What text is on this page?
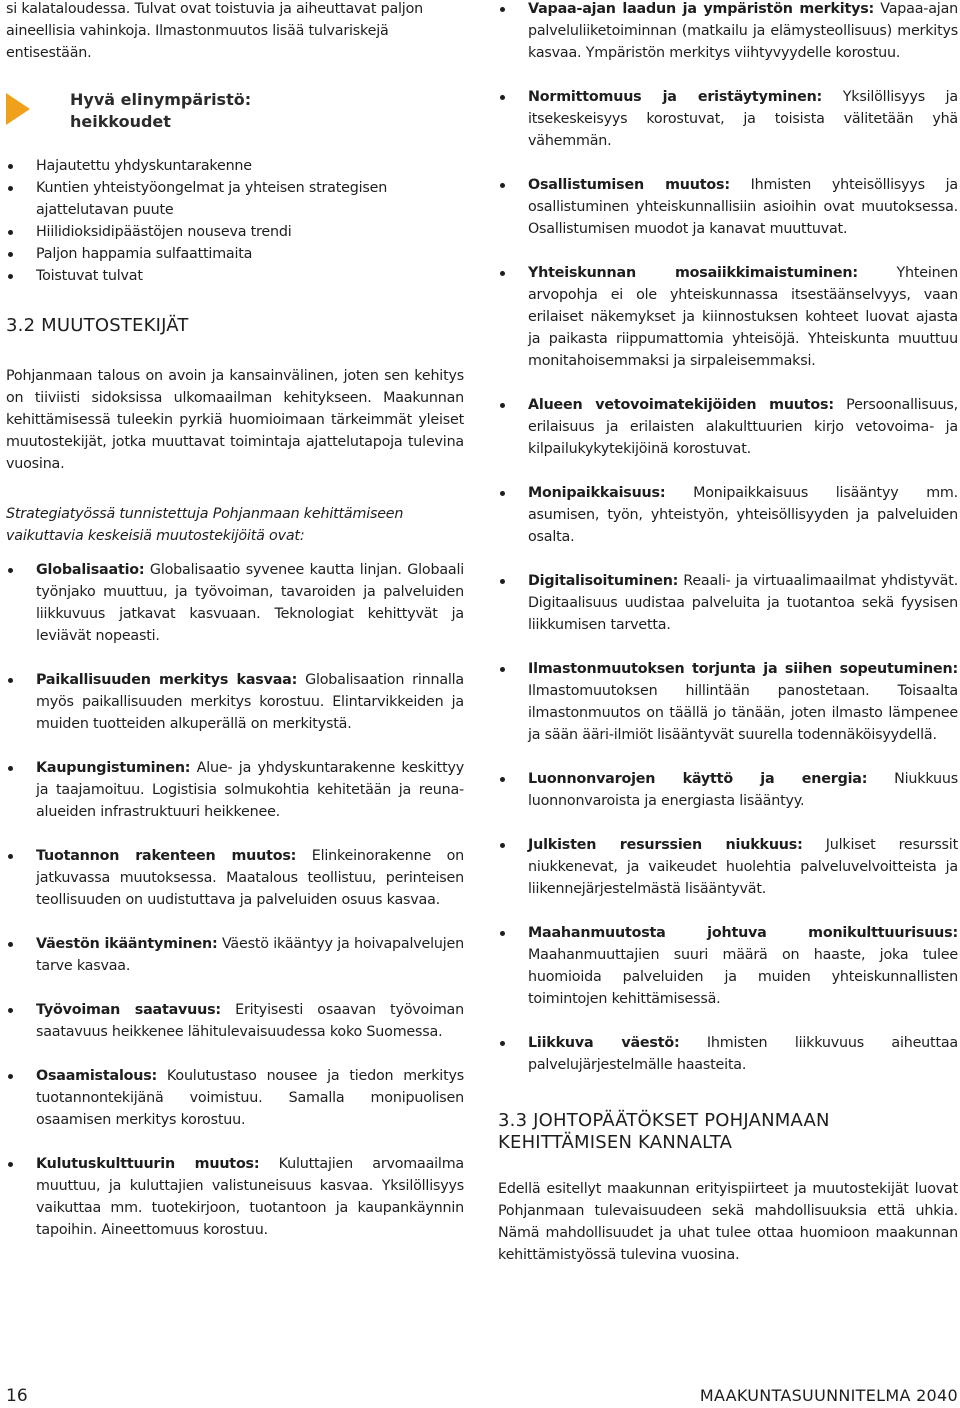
si kalataloudessa. Tulvat ovat toistuvia ja aiheuttavat paljon aineellisia vahinkoja. Ilmastonmuutos lisää tulvariskejä entisestään.

Hyvä elinympäristö:
heikkoudet
Hajautettu yhdyskuntarakenne
Kuntien yhteistyöongelmat ja yhteisen strategisen ajattelutavan puute
Hiilidioksidipäästöjen nouseva trendi
Paljon happamia sulfaattimaita
Toistuvat tulvat
3.2 MUUTOSTEKIJÄT

Pohjanmaan talous on avoin ja kansainvälinen, joten sen kehitys on tiiviisti sidoksissa ulkomaailman kehitykseen. Maakunnan kehittämisessä tuleekin pyrkiä huomioimaan tärkeimmät yleiset muutostekijät, jotka muuttavat toimintaja ajattelutapoja tulevina vuosina.

Strategiatyössä tunnistettuja Pohjanmaan kehittämiseen vaikuttavia keskeisiä muutostekijöitä ovat:

Globalisaatio: Globalisaatio syvenee kautta linjan. Globaali työnjako muuttuu, ja työvoiman, tavaroiden ja palveluiden liikkuvuus jatkavat kasvuaan. Teknologiat kehittyvät ja leviävät nopeasti.
Paikallisuuden merkitys kasvaa: Globalisaation rinnalla myös paikallisuuden merkitys korostuu. Elintarvikkeiden ja muiden tuotteiden alkuperällä on merkitystä.
Kaupungistuminen: Alue- ja yhdyskuntarakenne keskittyy ja taajamoituu. Logistisia solmukohtia kehitetään ja reuna-alueiden infrastruktuuri heikkenee.
Tuotannon rakenteen muutos: Elinkeinorakenne on jatkuvassa muutoksessa. Maatalous teollistuu, perinteisen teollisuuden on uudistuttava ja palveluiden osuus kasvaa.
Väestön ikääntyminen: Väestö ikääntyy ja hoivapalvelujen tarve kasvaa.
Työvoiman saatavuus: Erityisesti osaavan työvoiman saatavuus heikkenee lähitulevaisuudessa koko Suomessa.
Osaamistalous: Koulutustaso nousee ja tiedon merkitys tuotannontekijänä voimistuu. Samalla monipuolisen osaamisen merkitys korostuu.
Kulutuskulttuurin muutos: Kuluttajien arvomaailma muuttuu, ja kuluttajien valistuneisuus kasvaa. Yksilöllisyys vaikuttaa mm. tuotekirjoon, tuotantoon ja kaupankäynnin tapoihin. Aineettomuus korostuu.
Vapaa-ajan laadun ja ympäristön merkitys: Vapaa-ajan palveluliiketoiminnan (matkailu ja elämysteollisuus) merkitys kasvaa. Ympäristön merkitys viihtyvyydelle korostuu.
Normittomuus ja eristäytyminen: Yksilöllisyys ja itsekeskeisyys korostuvat, ja toisista välitetään yhä vähemmän.
Osallistumisen muutos: Ihmisten yhteisöllisyys ja osallistuminen yhteiskunnallisiin asioihin ovat muutoksessa. Osallistumisen muodot ja kanavat muuttuvat.
Yhteiskunnan mosaiikkimaistuminen: Yhteinen arvopohja ei ole yhteiskunnassa itsestäänselvyys, vaan erilaiset näkemykset ja kiinnostuksen kohteet luovat ajasta ja paikasta riippumattomia yhteisöjä. Yhteiskunta muuttuu monitahoisemmaksi ja sirpaleisemmaksi.
Alueen vetovoimatekijöiden muutos: Persoonallisuus, erilaisuus ja erilaisten alakulttuurien kirjo vetovoima- ja kilpailukykytekijöinä korostuvat.
Monipaikkaisuus: Monipaikkaisuus lisääntyy mm. asumisen, työn, yhteistyön, yhteisöllisyyden ja palveluiden osalta.
Digitalisoituminen: Reaali- ja virtuaalimaailmat yhdistyvät. Digitaalisuus uudistaa palveluita ja tuotantoa sekä fyysisen liikkumisen tarvetta.
Ilmastonmuutoksen torjunta ja siihen sopeutuminen: Ilmastomuutoksen hillintään panostetaan. Toisaalta ilmastonmuutos on täällä jo tänään, joten ilmasto lämpenee ja sään ääri-ilmiöt lisääntyvät suurella todennäköisyydellä.
Luonnonvarojen käyttö ja energia: Niukkuus luonnonvaroista ja energiasta lisääntyy.
Julkisten resurssien niukkuus: Julkiset resurssit niukkenevat, ja vaikeudet huolehtia palveluvelvoitteista ja liikennejärjestelmästä lisääntyvät.
Maahanmuutosta johtuva monikulttuurisuus: Maahanmuuttajien suuri määrä on haaste, joka tulee huomioida palveluiden ja muiden yhteiskunnallisten toimintojen kehittämisessä.
Liikkuva väestö: Ihmisten liikkuvuus aiheuttaa palvelujärjestelmälle haasteita.
3.3 JOHTOPÄÄTÖKSET POHJANMAAN KEHITTÄMISEN KANNALTA

Edellä esitellyt maakunnan erityispiirteet ja muutostekijät luovat Pohjanmaan tulevaisuudeen sekä mahdollisuuksia että uhkia. Nämä mahdollisuudet ja uhat tulee ottaa huomioon maakunnan kehittämistyössä tulevina vuosina.

16	MAAKUNTASUUNNITELMA 2040
